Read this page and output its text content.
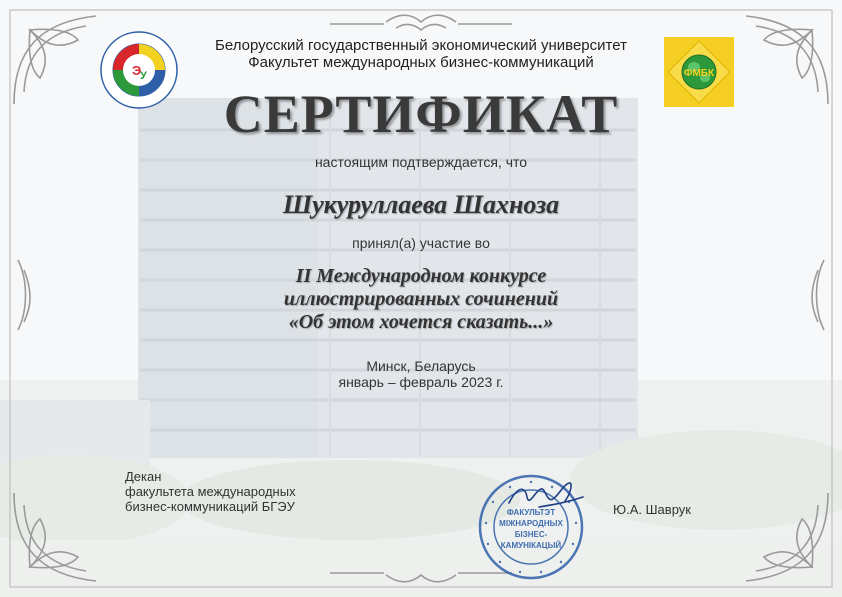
Э
У	ФМБК
Белорусский государственный экономический университет
Факультет международных бизнес-коммуникаций
СЕРТИФИКАТ
настоящим подтверждается, что
Шукуруллаева Шахноза
принял(а) участие во
II Международном конкурсе
иллюстрированных сочинений
«Об этом хочется сказать...»
Минск, Беларусь
январь – февраль 2023 г.
Декан
факультета международных
бизнес-коммуникаций БГЭУ	ФАКУЛЬТЭТ
МІЖНАРОДНЫХ
БІЗНЕС-
КАМУНІКАЦЫЙ
Ю.А. Шаврук
